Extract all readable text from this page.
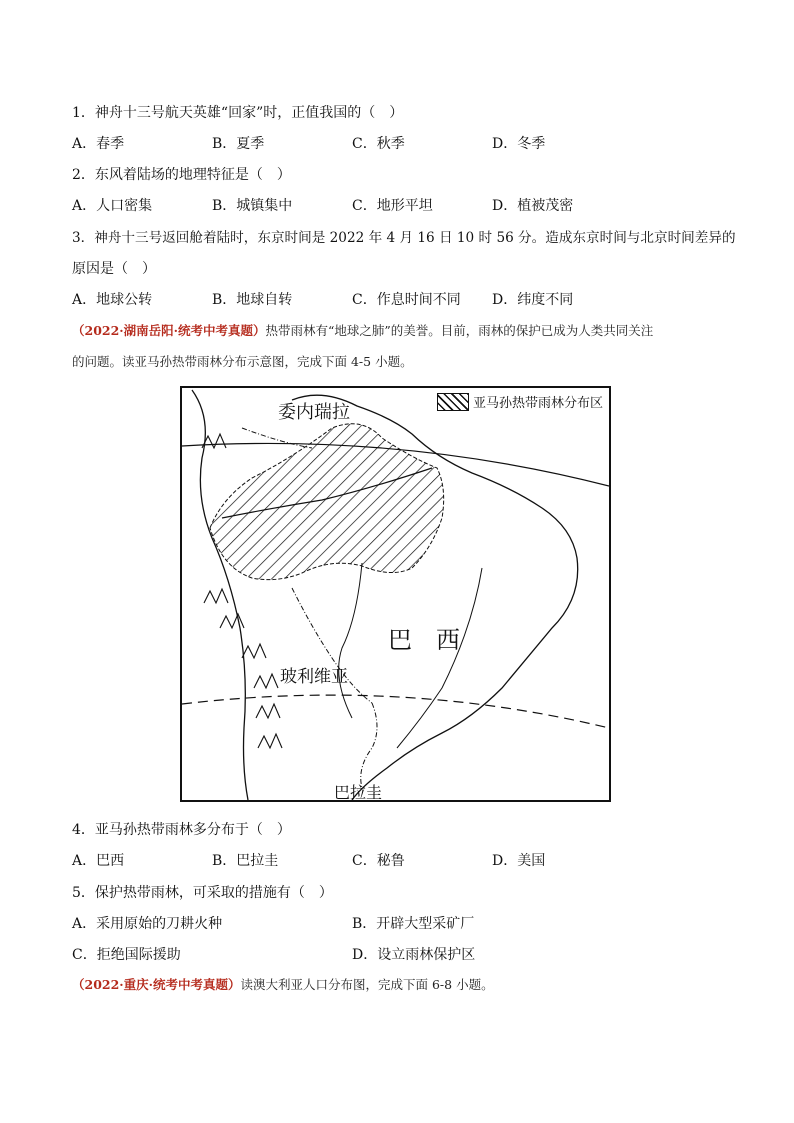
1．神舟十三号航天英雄“回家”时，正值我国的（　）
A．春季	B．夏季	C．秋季	D．冬季
2．东风着陆场的地理特征是（　）
A．人口密集	B．城镇集中	C．地形平坦	D．植被茂密
3．神舟十三号返回舱着陆时，东京时间是 2022 年 4 月 16 日 10 时 56 分。造成东京时间与北京时间差异的
原因是（　）
A．地球公转	B．地球自转	C．作息时间不同 D．纬度不同
（2022·湖南岳阳·统考中考真题）热带雨林有“地球之肺”的美誉。目前，雨林的保护已成为人类共同关注
的问题。读亚马孙热带雨林分布示意图，完成下面 4-5 小题。
亚马孙热带雨林分布区
委内瑞拉
巴　西
玻利维亚
巴拉圭
4．亚马孙热带雨林多分布于（　）
A．巴西	B．巴拉圭	C．秘鲁	D．美国
5．保护热带雨林，可采取的措施有（　）
A．采用原始的刀耕火种	B．开辟大型采矿厂
C．拒绝国际援助	D．设立雨林保护区
（2022·重庆·统考中考真题）读澳大利亚人口分布图，完成下面 6-8 小题。
